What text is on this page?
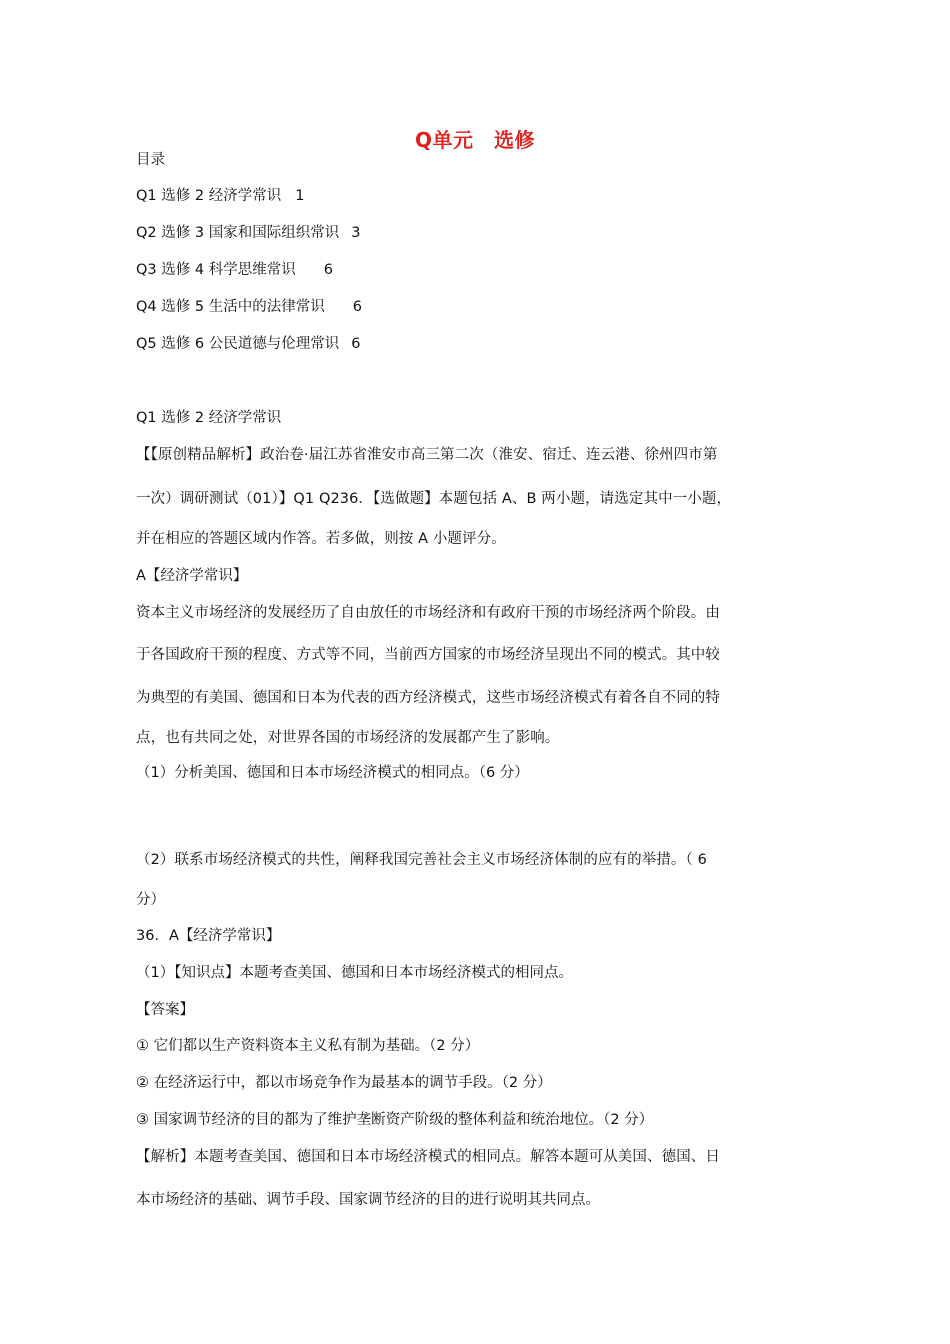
Q单元　选修
目录
Q1 选修 2 经济学常识 1
Q2 选修 3 国家和国际组织常识 3
Q3 选修 4 科学思维常识 6
Q4 选修 5 生活中的法律常识 6
Q5 选修 6 公民道德与伦理常识 6
Q1 选修 2 经济学常识
【【原创精品解析】政治卷·届江苏省淮安市高三第二次（淮安、宿迁、连云港、徐州四市第
一次）调研测试（01）】Q1 Q236．【选做题】本题包括 A、B 两小题，请选定其中一小题，
并在相应的答题区域内作答。若多做，则按 A 小题评分。
A【经济学常识】
资本主义市场经济的发展经历了自由放任的市场经济和有政府干预的市场经济两个阶段。由
于各国政府干预的程度、方式等不同，当前西方国家的市场经济呈现出不同的模式。其中较
为典型的有美国、德国和日本为代表的西方经济模式，这些市场经济模式有着各自不同的特
点，也有共同之处，对世界各国的市场经济的发展都产生了影响。
（1）分析美国、德国和日本市场经济模式的相同点。（6 分）
（2）联系市场经济模式的共性，阐释我国完善社会主义市场经济体制的应有的举措。（ 6
分）
36．A【经济学常识】
（1）【知识点】本题考查美国、德国和日本市场经济模式的相同点。
【答案】
① 它们都以生产资料资本主义私有制为基础。（2 分）
② 在经济运行中，都以市场竞争作为最基本的调节手段。（2 分）
③ 国家调节经济的目的都为了维护垄断资产阶级的整体利益和统治地位。（2 分）
【解析】本题考查美国、德国和日本市场经济模式的相同点。解答本题可从美国、德国、日
本市场经济的基础、调节手段、国家调节经济的目的进行说明其共同点。
